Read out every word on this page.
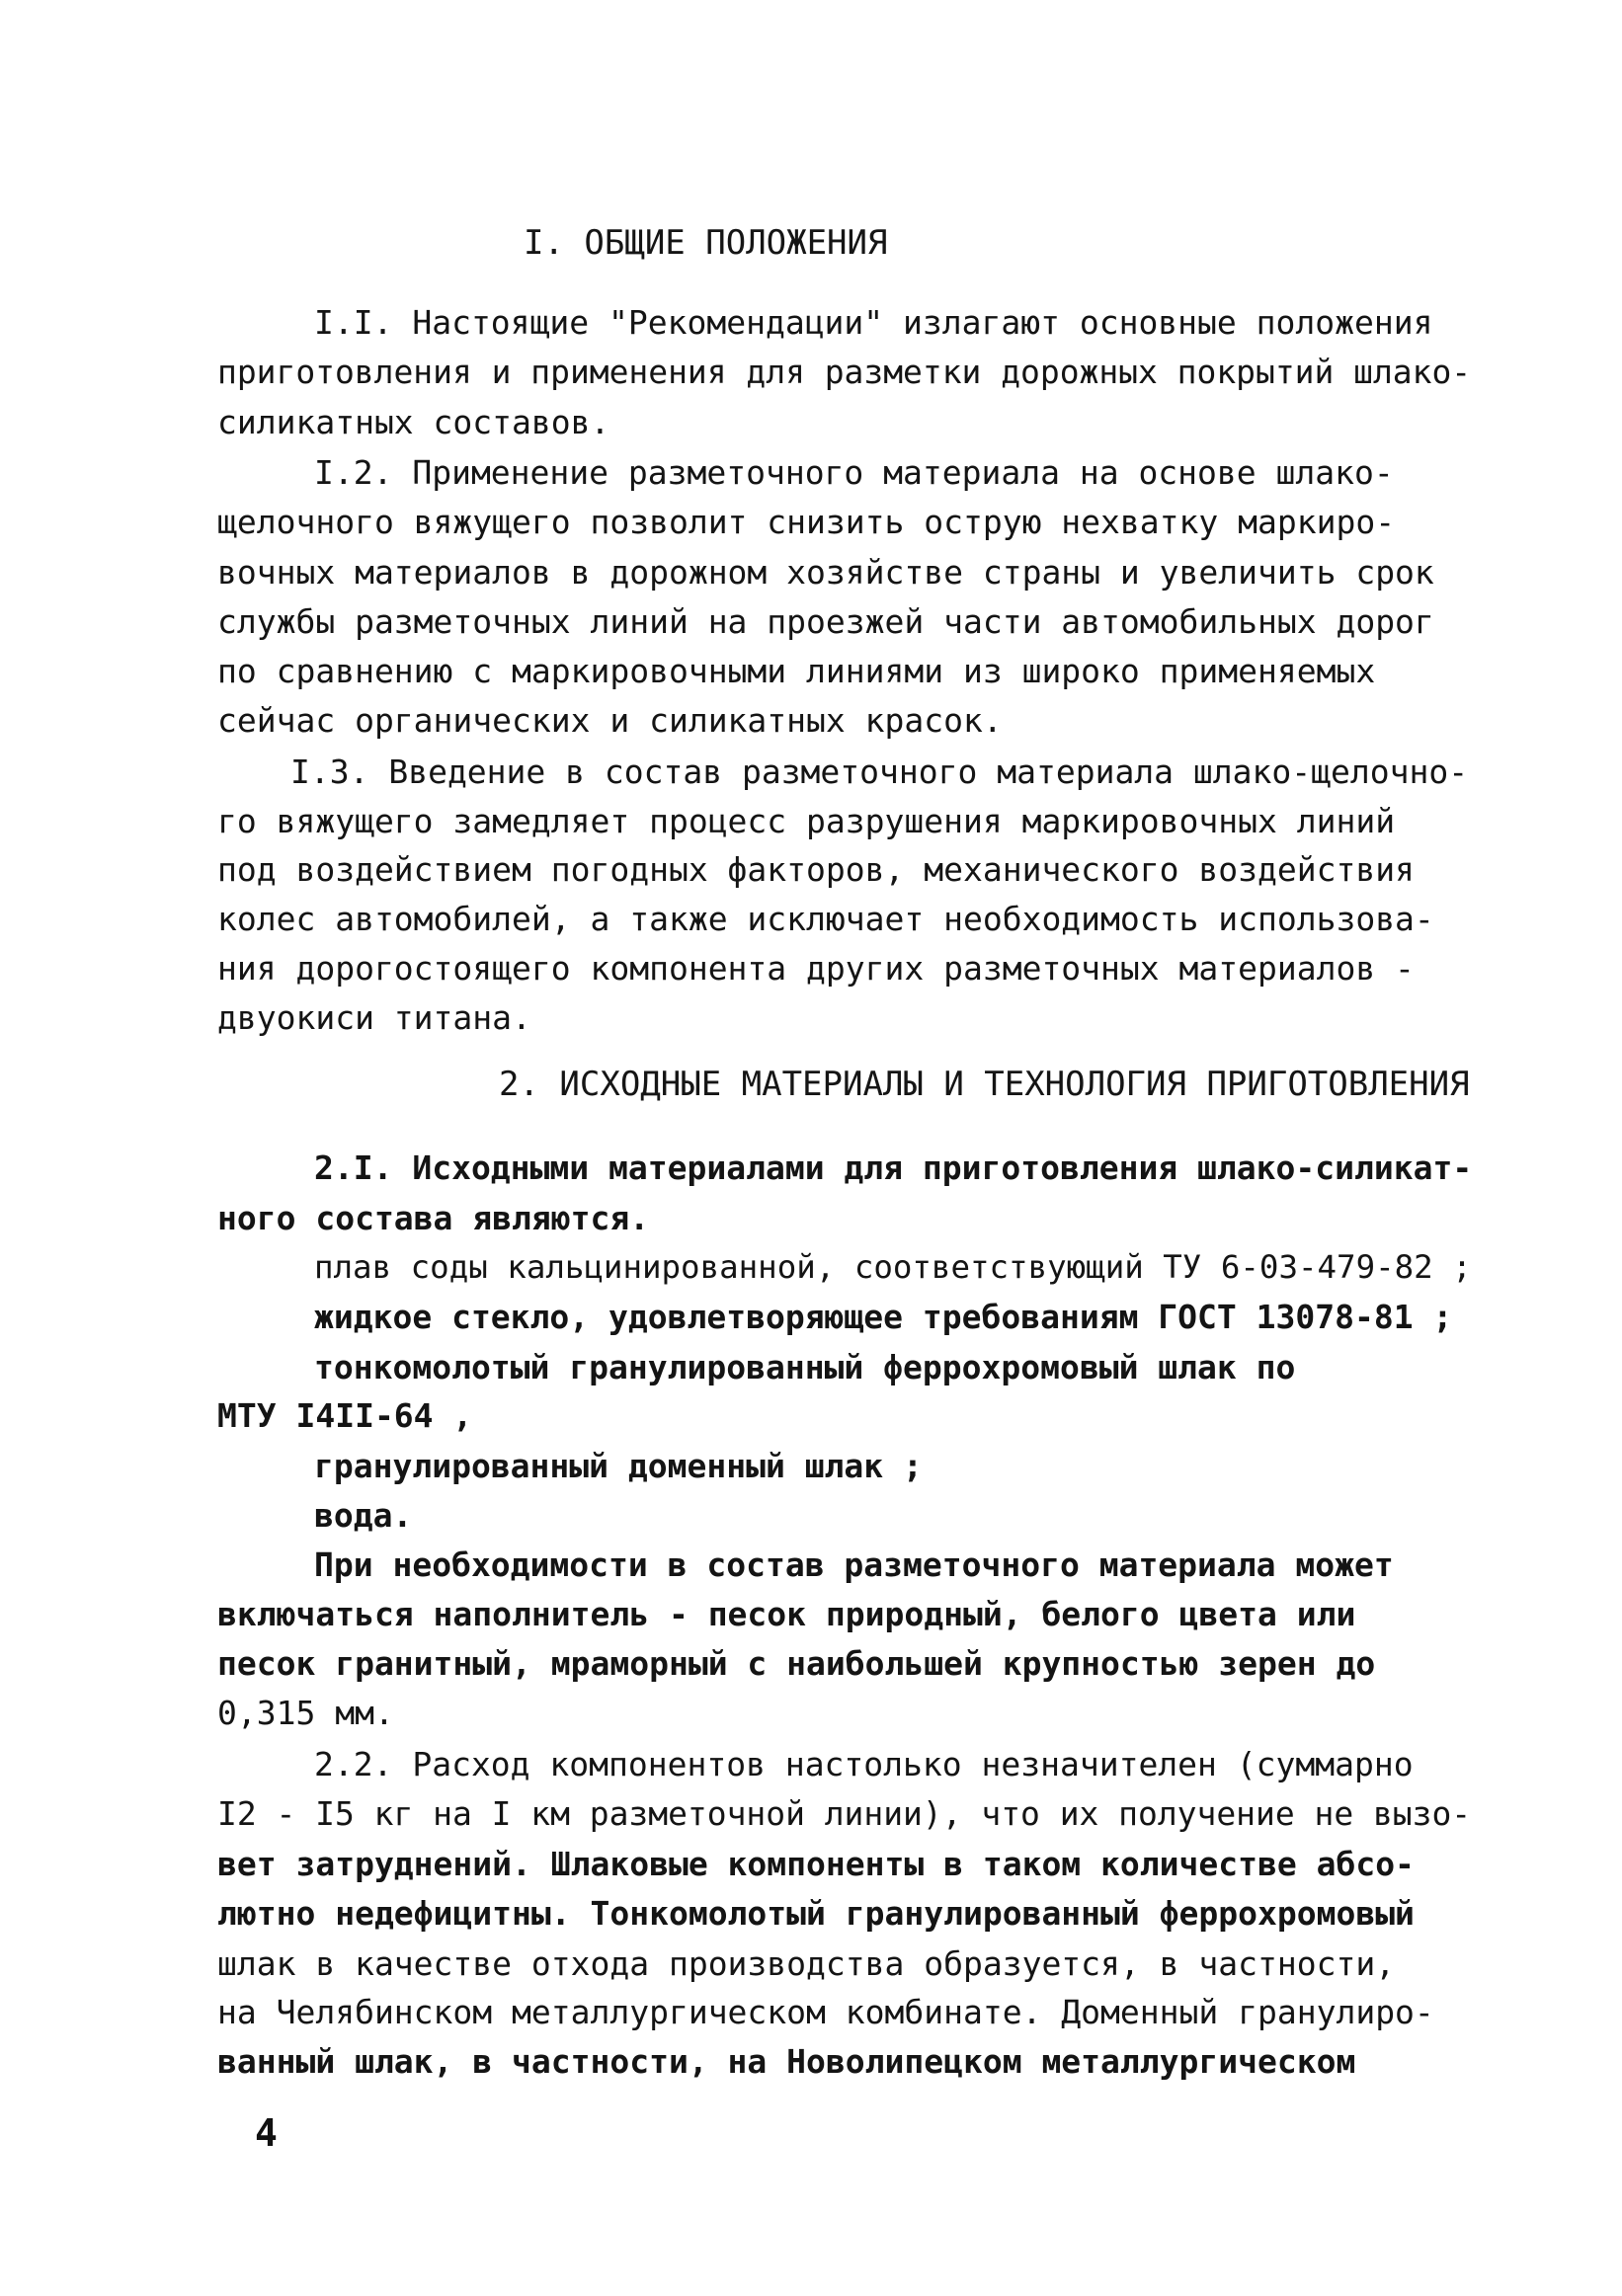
I. ОБЩИЕ ПОЛОЖЕНИЯ
I.I. Настоящие "Рекомендации" излагают основные положения
приготовления и применения для разметки дорожных покрытий шлако-
силикатных составов.
I.2. Применение разметочного материала на основе шлако-
щелочного вяжущего позволит снизить острую нехватку маркиро-
вочных материалов в дорожном хозяйстве страны и увеличить срок
службы разметочных линий на проезжей части автомобильных дорог
по сравнению с маркировочными линиями из широко применяемых
сейчас органических и силикатных красок.
I.3. Введение в состав разметочного материала шлако-щелочно-
го вяжущего замедляет процесс разрушения маркировочных линий
под воздействием погодных факторов, механического воздействия
колес автомобилей, а также исключает необходимость использова-
ния дорогостоящего компонента других разметочных материалов -
двуокиси титана.
2. ИСХОДНЫЕ МАТЕРИАЛЫ И ТЕХНОЛОГИЯ ПРИГОТОВЛЕНИЯ
2.I. Исходными материалами для приготовления шлако-силикат-
ного состава являются.
плав соды кальцинированной, соответствующий ТУ 6-03-479-82 ;
жидкое стекло, удовлетворяющее требованиям ГОСТ 13078-81 ;
тонкомолотый гранулированный феррохромовый шлак по
МТУ I4II-64 ,
гранулированный доменный шлак ;
вода.
При необходимости в состав разметочного материала может
включаться наполнитель - песок природный, белого цвета или
песок гранитный, мраморный с наибольшей крупностью зерен до
0,315 мм.
2.2. Расход компонентов настолько незначителен (суммарно
I2 - I5 кг на I км разметочной линии), что их получение не вызо-
вет затруднений. Шлаковые компоненты в таком количестве абсо-
лютно недефицитны. Тонкомолотый гранулированный феррохромовый
шлак в качестве отхода производства образуется, в частности,
на Челябинском металлургическом комбинате. Доменный гранулиро-
ванный шлак, в частности, на Новолипецком металлургическом
4
